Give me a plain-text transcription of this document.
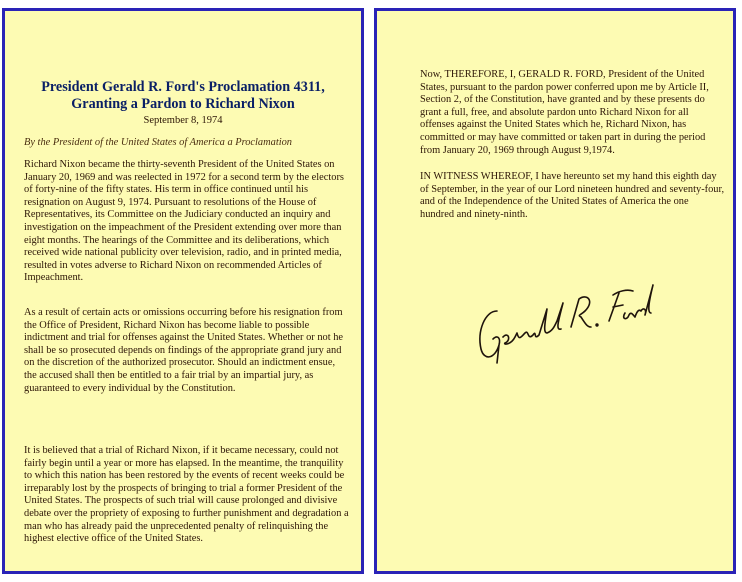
President Gerald R. Ford's Proclamation 4311,
Granting a Pardon to Richard Nixon
September 8, 1974
By the President of the United States of America a Proclamation

Richard Nixon became the thirty-seventh President of the United States on January 20, 1969 and was reelected in 1972 for a second term by the electors of forty-nine of the fifty states. His term in office continued until his resignation on August 9, 1974. Pursuant to resolutions of the House of Representatives, its Committee on the Judiciary conducted an inquiry and investigation on the impeachment of the President extending over more than eight months. The hearings of the Committee and its deliberations, which received wide national publicity over television, radio, and in printed media, resulted in votes adverse to Richard Nixon on recommended Articles of Impeachment.

As a result of certain acts or omissions occurring before his resignation from the Office of President, Richard Nixon has become liable to possible indictment and trial for offenses against the United States. Whether or not he shall be so prosecuted depends on findings of the appropriate grand jury and on the discretion of the authorized prosecutor. Should an indictment ensue, the accused shall then be entitled to a fair trial by an impartial jury, as guaranteed to every individual by the Constitution.

It is believed that a trial of Richard Nixon, if it became necessary, could not fairly begin until a year or more has elapsed. In the meantime, the tranquility to which this nation has been restored by the events of recent weeks could be irreparably lost by the prospects of bringing to trial a former President of the United States. The prospects of such trial will cause prolonged and divisive debate over the propriety of exposing to further punishment and degradation a man who has already paid the unprecedented penalty of relinquishing the highest elective office of the United States.

Now, THEREFORE, I, GERALD R. FORD, President of the United States, pursuant to the pardon power conferred upon me by Article II, Section 2, of the Constitution, have granted and by these presents do grant a full, free, and absolute pardon unto Richard Nixon for all offenses against the United States which he, Richard Nixon, has committed or may have committed or taken part in during the period from January 20, 1969 through August 9,1974.

IN WITNESS WHEREOF, I have hereunto set my hand this eighth day of September, in the year of our Lord nineteen hundred and seventy-four, and of the Independence of the United States of America the one hundred and ninety-ninth.
